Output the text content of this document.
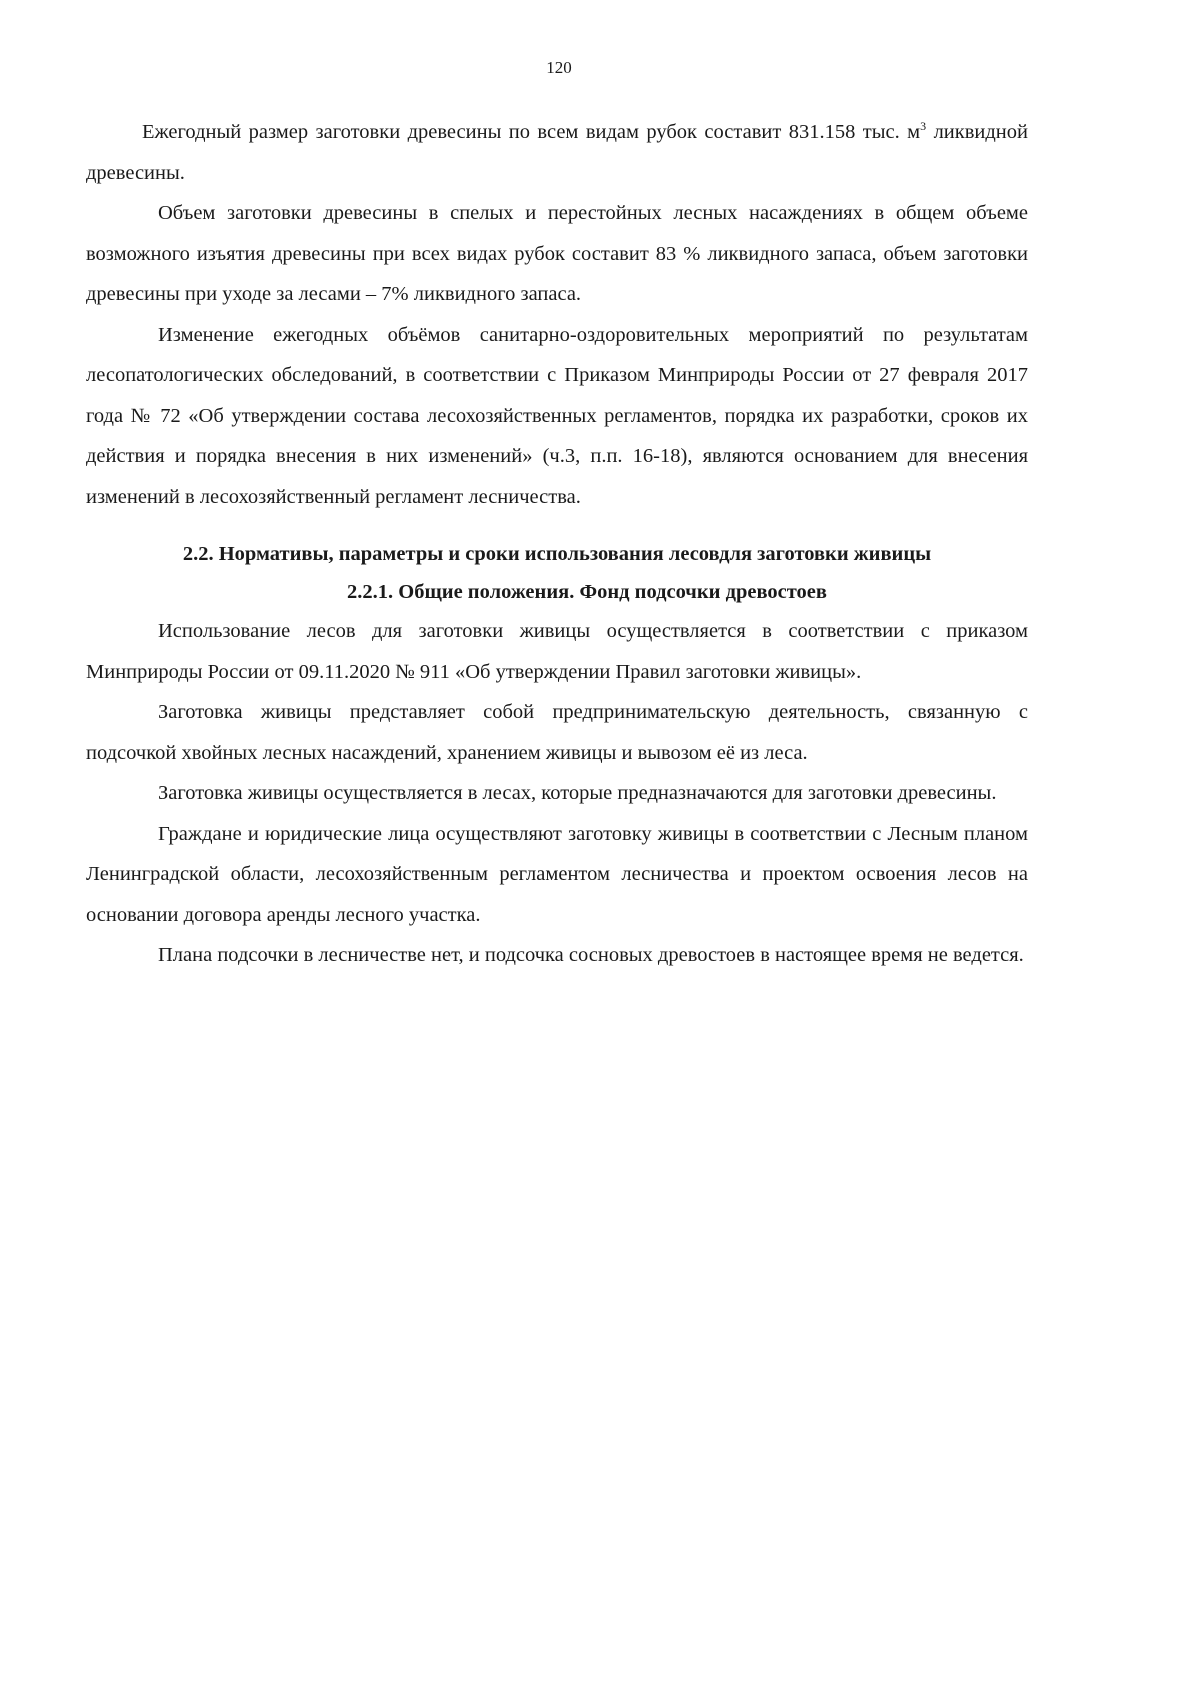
120

Ежегодный размер заготовки древесины по всем видам рубок составит 831.158 тыс. $м^3$ ликвидной древесины.

Объем заготовки древесины в спелых и перестойных лесных насаждениях в общем объеме возможного изъятия древесины при всех видах рубок составит 83 % ликвидного запаса, объем заготовки древесины при уходе за лесами – 7% ликвидного запаса.

Изменение ежегодных объёмов санитарно-оздоровительных мероприятий по результатам лесопатологических обследований, в соответствии с Приказом Минприроды России от 27 февраля 2017 года № 72 «Об утверждении состава лесохозяйственных регламентов, порядка их разработки, сроков их действия и порядка внесения в них изменений» (ч.3, п.п. 16-18), являются основанием для внесения изменений в лесохозяйственный регламент лесничества.

2.2. Нормативы, параметры и сроки использования лесовдля заготовки живицы
2.2.1. Общие положения. Фонд подсочки древостоев

Использование лесов для заготовки живицы осуществляется в соответствии с приказом Минприроды России от 09.11.2020 № 911 «Об утверждении Правил заготовки живицы».

Заготовка живицы представляет собой предпринимательскую деятельность, связанную с подсочкой хвойных лесных насаждений, хранением живицы и вывозом её из леса.

Заготовка живицы осуществляется в лесах, которые предназначаются для заготовки древесины.

Граждане и юридические лица осуществляют заготовку живицы в соответствии с Лесным планом Ленинградской области, лесохозяйственным регламентом лесничества и проектом освоения лесов на основании договора аренды лесного участка.

Плана подсочки в лесничестве нет, и подсочка сосновых древостоев в настоящее время не ведется.
